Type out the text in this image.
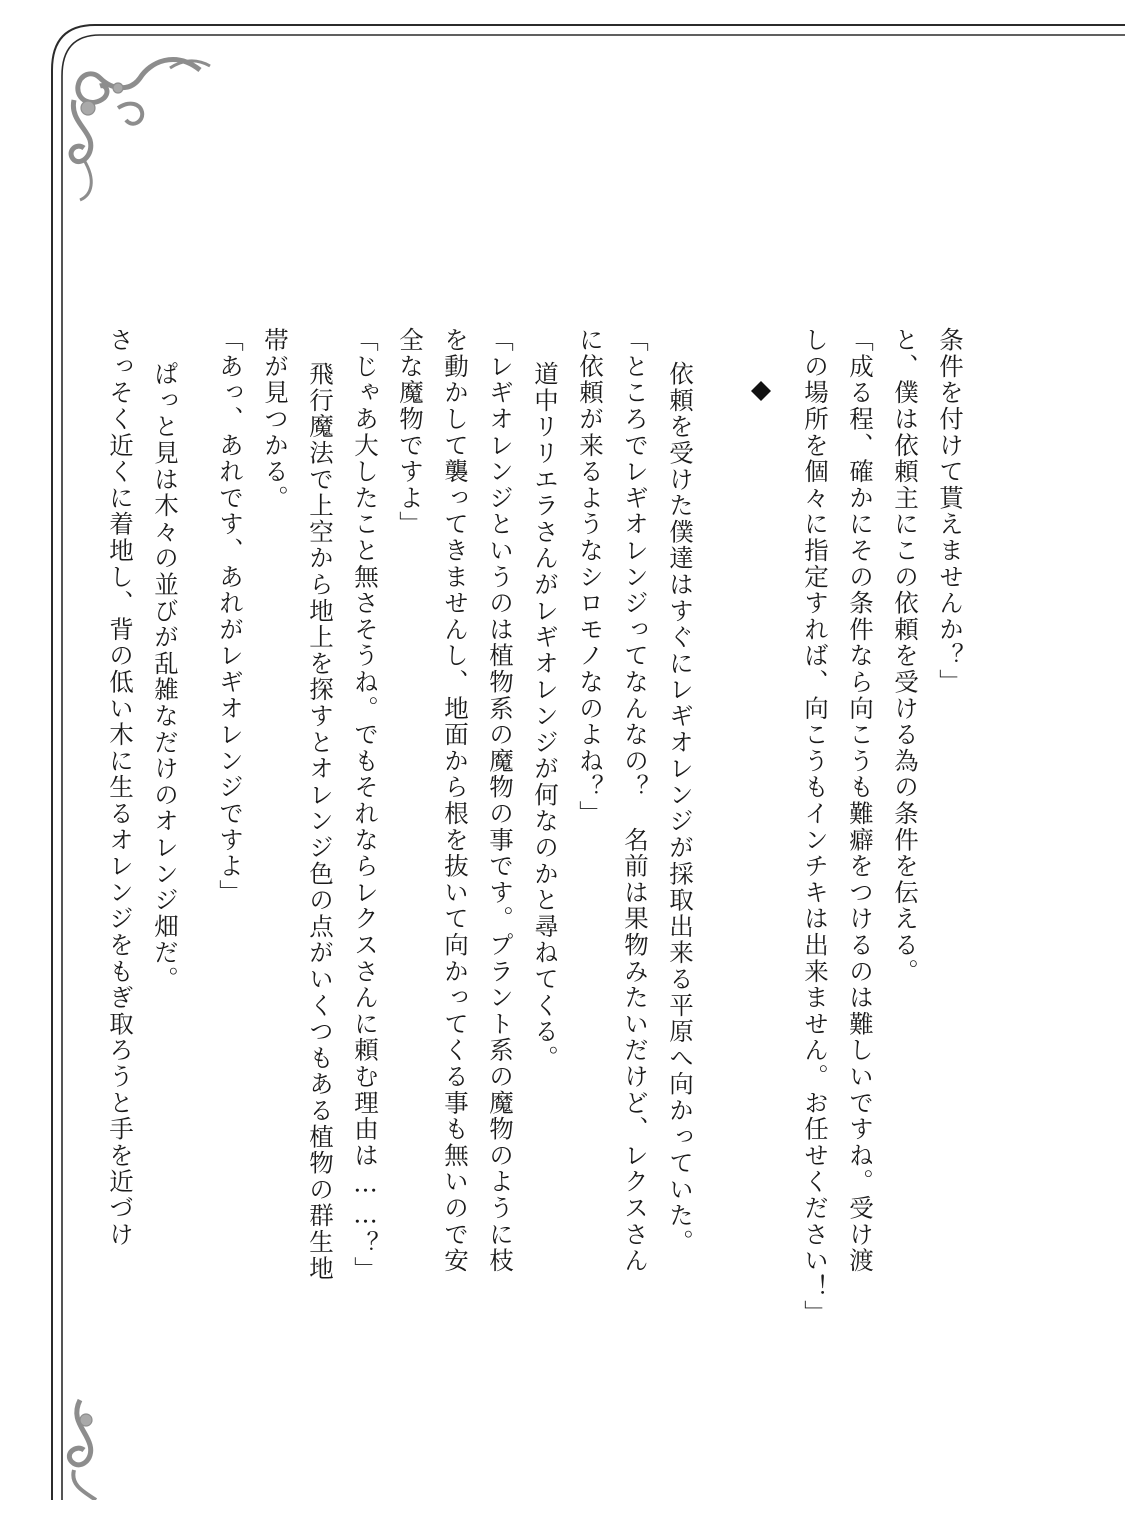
条件を付けて貰えませんか？」
と、僕は依頼主にこの依頼を受ける為の条件を伝える。
「成る程、確かにその条件なら向こうも難癖をつけるのは難しいですね。受け渡
しの場所を個々に指定すれば、向こうもインチキは出来ません。お任せください！」
依頼を受けた僕達はすぐにレギオレンジが採取出来る平原へ向かっていた。
「ところでレギオレンジってなんなの？　名前は果物みたいだけど、レクスさん
に依頼が来るようなシロモノなのよね？」
道中リリエラさんがレギオレンジが何なのかと尋ねてくる。
「レギオレンジというのは植物系の魔物の事です。プラント系の魔物のように枝
を動かして襲ってきませんし、地面から根を抜いて向かってくる事も無いので安
全な魔物ですよ」
「じゃあ大したこと無さそうね。でもそれならレクスさんに頼む理由は……？」
飛行魔法で上空から地上を探すとオレンジ色の点がいくつもある植物の群生地
帯が見つかる。
「あっ、あれです、あれがレギオレンジですよ」
ぱっと見は木々の並びが乱雑なだけのオレンジ畑だ。
さっそく近くに着地し、背の低い木に生るオレンジをもぎ取ろうと手を近づけ
